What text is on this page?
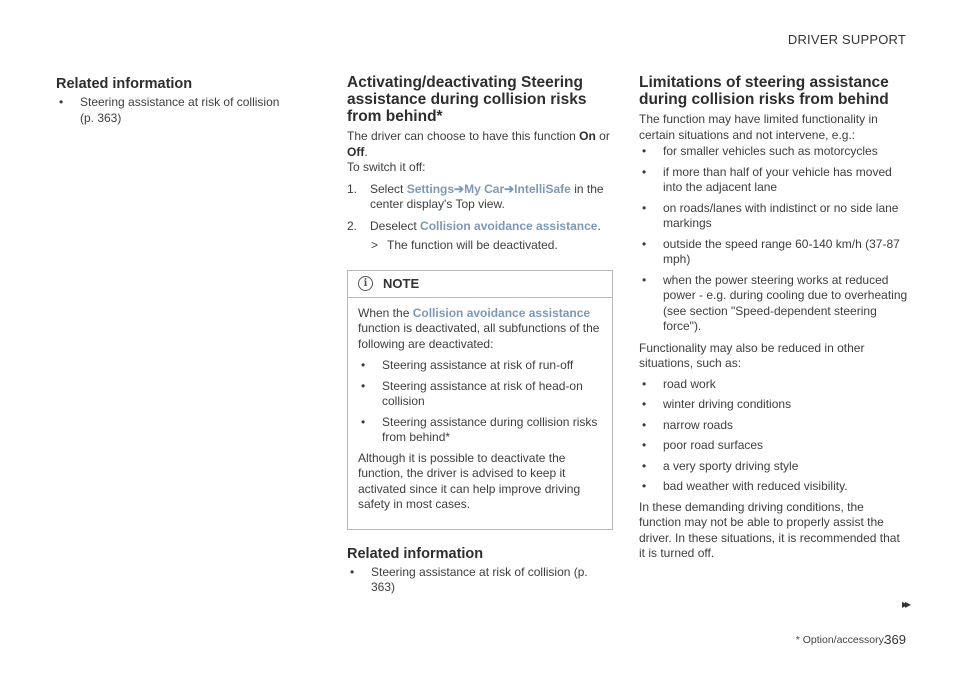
DRIVER SUPPORT
Related information
• Steering assistance at risk of collision (p. 363)
Activating/deactivating Steering assistance during collision risks from behind*

The driver can choose to have this function On or Off.

To switch it off:

1. Select Settings➔My Car➔IntelliSafe in the center display's Top view.
2. Deselect Collision avoidance assistance.
> The function will be deactivated.
i	NOTE

When the Collision avoidance assistance function is deactivated, all subfunctions of the following are deactivated:

• Steering assistance at risk of run-off
• Steering assistance at risk of head-on collision
• Steering assistance during collision risks from behind*

Although it is possible to deactivate the function, the driver is advised to keep it activated since it can help improve driving safety in most cases.

Related information
• Steering assistance at risk of collision (p. 363)
Limitations of steering assistance during collision risks from behind

The function may have limited functionality in certain situations and not intervene, e.g.:

• for smaller vehicles such as motorcycles
• if more than half of your vehicle has moved into the adjacent lane
• on roads/lanes with indistinct or no side lane markings
• outside the speed range 60-140 km/h (37-87 mph)
• when the power steering works at reduced power - e.g. during cooling due to overheating (see section "Speed-dependent steering force").

Functionality may also be reduced in other situations, such as:

• road work
• winter driving conditions
• narrow roads
• poor road surfaces
• a very sporty driving style
• bad weather with reduced visibility.

In these demanding driving conditions, the function may not be able to properly assist the driver. In these situations, it is recommended that it is turned off.

▸▸
* Option/accessory.
369
